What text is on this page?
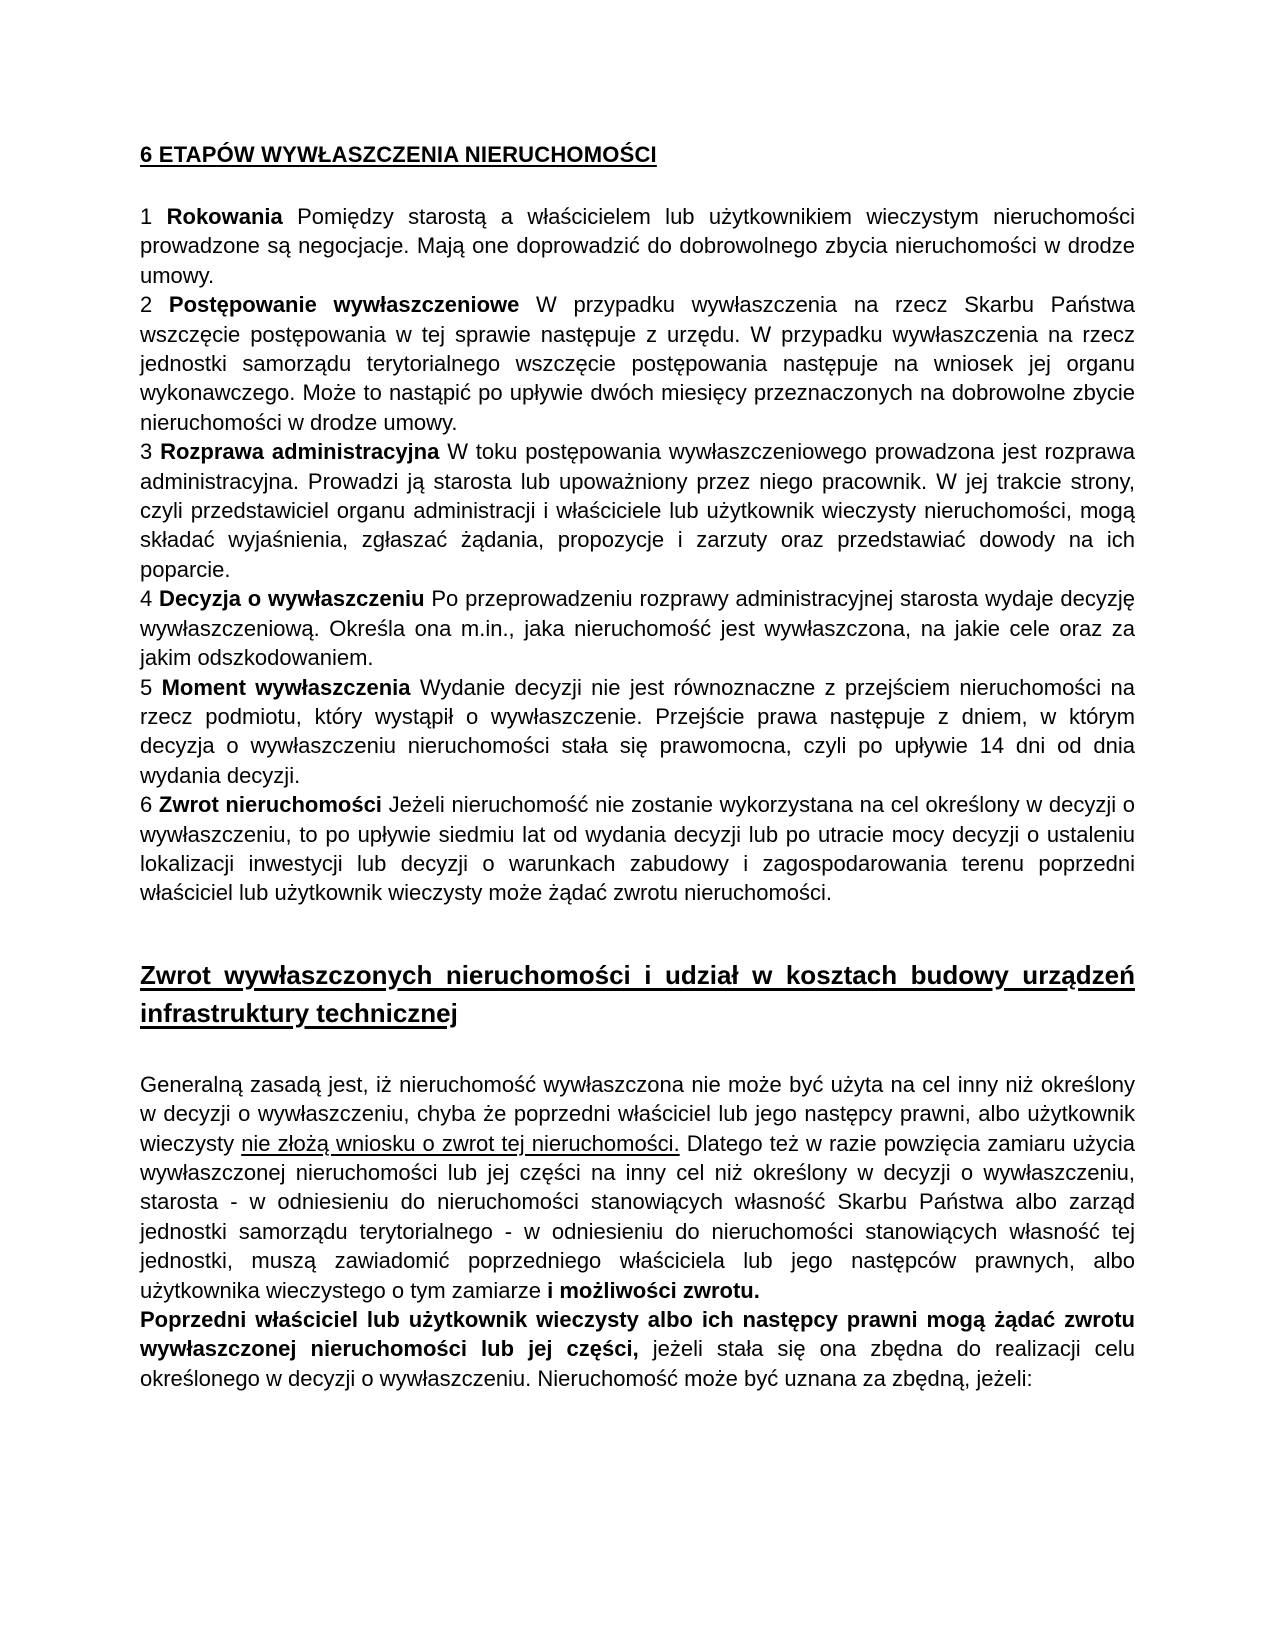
6 ETAPÓW WYWŁASZCZENIA NIERUCHOMOŚCI

1 Rokowania Pomiędzy starostą a właścicielem lub użytkownikiem wieczystym nieruchomości prowadzone są negocjacje. Mają one doprowadzić do dobrowolnego zbycia nieruchomości w drodze umowy.

2 Postępowanie wywłaszczeniowe W przypadku wywłaszczenia na rzecz Skarbu Państwa wszczęcie postępowania w tej sprawie następuje z urzędu. W przypadku wywłaszczenia na rzecz jednostki samorządu terytorialnego wszczęcie postępowania następuje na wniosek jej organu wykonawczego. Może to nastąpić po upływie dwóch miesięcy przeznaczonych na dobrowolne zbycie nieruchomości w drodze umowy.

3 Rozprawa administracyjna W toku postępowania wywłaszczeniowego prowadzona jest rozprawa administracyjna. Prowadzi ją starosta lub upoważniony przez niego pracownik. W jej trakcie strony, czyli przedstawiciel organu administracji i właściciele lub użytkownik wieczysty nieruchomości, mogą składać wyjaśnienia, zgłaszać żądania, propozycje i zarzuty oraz przedstawiać dowody na ich poparcie.

4 Decyzja o wywłaszczeniu Po przeprowadzeniu rozprawy administracyjnej starosta wydaje decyzję wywłaszczeniową. Określa ona m.in., jaka nieruchomość jest wywłaszczona, na jakie cele oraz za jakim odszkodowaniem.

5 Moment wywłaszczenia Wydanie decyzji nie jest równoznaczne z przejściem nieruchomości na rzecz podmiotu, który wystąpił o wywłaszczenie. Przejście prawa następuje z dniem, w którym decyzja o wywłaszczeniu nieruchomości stała się prawomocna, czyli po upływie 14 dni od dnia wydania decyzji.

6 Zwrot nieruchomości Jeżeli nieruchomość nie zostanie wykorzystana na cel określony w decyzji o wywłaszczeniu, to po upływie siedmiu lat od wydania decyzji lub po utracie mocy decyzji o ustaleniu lokalizacji inwestycji lub decyzji o warunkach zabudowy i zagospodarowania terenu poprzedni właściciel lub użytkownik wieczysty może żądać zwrotu nieruchomości.

Zwrot wywłaszczonych nieruchomości i udział w kosztach budowy urządzeń infrastruktury technicznej

Generalną zasadą jest, iż nieruchomość wywłaszczona nie może być użyta na cel inny niż określony w decyzji o wywłaszczeniu, chyba że poprzedni właściciel lub jego następcy prawni, albo użytkownik wieczysty nie złożą wniosku o zwrot tej nieruchomości. Dlatego też w razie powzięcia zamiaru użycia wywłaszczonej nieruchomości lub jej części na inny cel niż określony w decyzji o wywłaszczeniu, starosta - w odniesieniu do nieruchomości stanowiących własność Skarbu Państwa albo zarząd jednostki samorządu terytorialnego - w odniesieniu do nieruchomości stanowiących własność tej jednostki, muszą zawiadomić poprzedniego właściciela lub jego następców prawnych, albo użytkownika wieczystego o tym zamiarze i możliwości zwrotu.

Poprzedni właściciel lub użytkownik wieczysty albo ich następcy prawni mogą żądać zwrotu wywłaszczonej nieruchomości lub jej części, jeżeli stała się ona zbędna do realizacji celu określonego w decyzji o wywłaszczeniu. Nieruchomość może być uznana za zbędną, jeżeli:
